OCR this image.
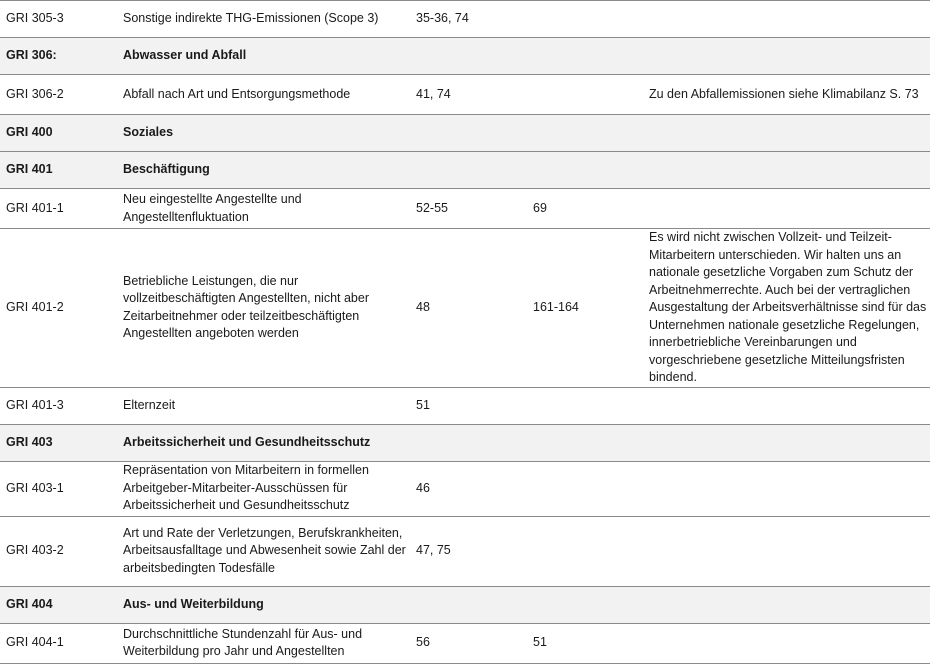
GRI 305-3	Sonstige indirekte THG-Emissionen (Scope 3)	35-36, 74		
GRI 306:	Abwasser und Abfall			
GRI 306-2	Abfall nach Art und Entsorgungsmethode	41, 74		Zu den Abfallemissionen siehe Klimabilanz S. 73
GRI 400	Soziales			
GRI 401	Beschäftigung			
GRI 401-1	Neu eingestellte Angestellte und Angestelltenfluktuation	52-55	69	
GRI 401-2	Betriebliche Leistungen, die nur vollzeitbeschäftigten Angestellten, nicht aber Zeitarbeitnehmer oder teilzeitbeschäftigten Angestellten angeboten werden	48	161-164	Es wird nicht zwischen Vollzeit- und Teilzeit-Mitarbeitern unterschieden. Wir halten uns an nationale gesetzliche Vorgaben zum Schutz der Arbeitnehmerrechte. Auch bei der vertraglichen Ausgestaltung der Arbeitsverhältnisse sind für das Unternehmen nationale gesetzliche Regelungen, innerbetriebliche Vereinbarungen und vorgeschriebene gesetzliche Mitteilungsfristen bindend.
GRI 401-3	Elternzeit	51		
GRI 403	Arbeitssicherheit und Gesundheitsschutz			
GRI 403-1	Repräsentation von Mitarbeitern in formellen Arbeitgeber-Mitarbeiter-Ausschüssen für Arbeitssicherheit und Gesundheitsschutz	46		
GRI 403-2	Art und Rate der Verletzungen, Berufskrankheiten, Arbeitsausfalltage und Abwesenheit sowie Zahl der arbeitsbedingten Todesfälle	47, 75		
GRI 404	Aus- und Weiterbildung			
GRI 404-1	Durchschnittliche Stundenzahl für Aus- und Weiterbildung pro Jahr und Angestellten	56	51	
